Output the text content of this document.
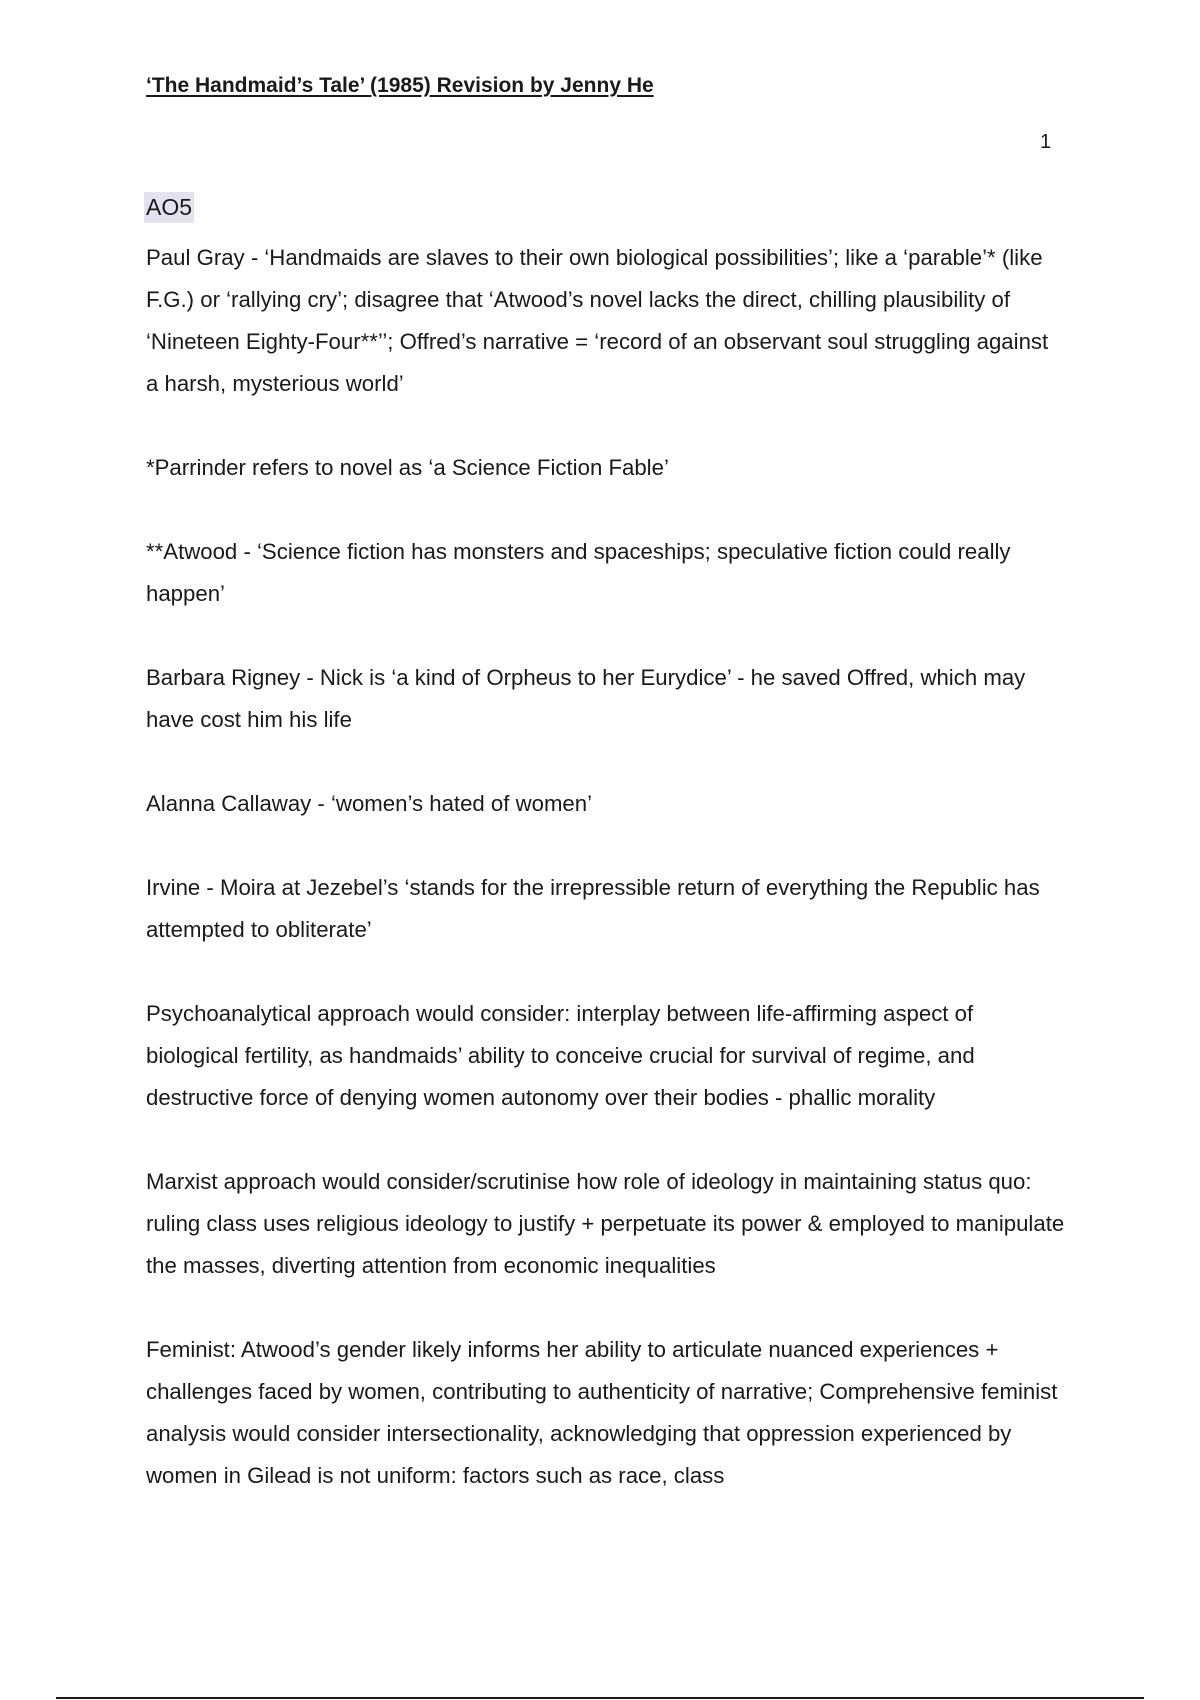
‘The Handmaid’s Tale’ (1985) Revision by Jenny He
1
AO5

Paul Gray - ‘Handmaids are slaves to their own biological possibilities’; like a ‘parable’* (like F.G.) or ‘rallying cry’; disagree that ‘Atwood’s novel lacks the direct, chilling plausibility of ‘Nineteen Eighty-Four**’’; Offred’s narrative = ‘record of an observant soul struggling against a harsh, mysterious world’

*Parrinder refers to novel as ‘a Science Fiction Fable’

**Atwood - ‘Science fiction has monsters and spaceships; speculative fiction could really happen’

Barbara Rigney - Nick is ‘a kind of Orpheus to her Eurydice’ - he saved Offred, which may have cost him his life

Alanna Callaway - ‘women’s hated of women’

Irvine - Moira at Jezebel’s ‘stands for the irrepressible return of everything the Republic has attempted to obliterate’

Psychoanalytical approach would consider: interplay between life-affirming aspect of biological fertility, as handmaids’ ability to conceive crucial for survival of regime, and destructive force of denying women autonomy over their bodies - phallic morality

Marxist approach would consider/scrutinise how role of ideology in maintaining status quo: ruling class uses religious ideology to justify + perpetuate its power & employed to manipulate the masses, diverting attention from economic inequalities

Feminist: Atwood’s gender likely informs her ability to articulate nuanced experiences + challenges faced by women, contributing to authenticity of narrative; Comprehensive feminist analysis would consider intersectionality, acknowledging that oppression experienced by women in Gilead is not uniform: factors such as race, class
